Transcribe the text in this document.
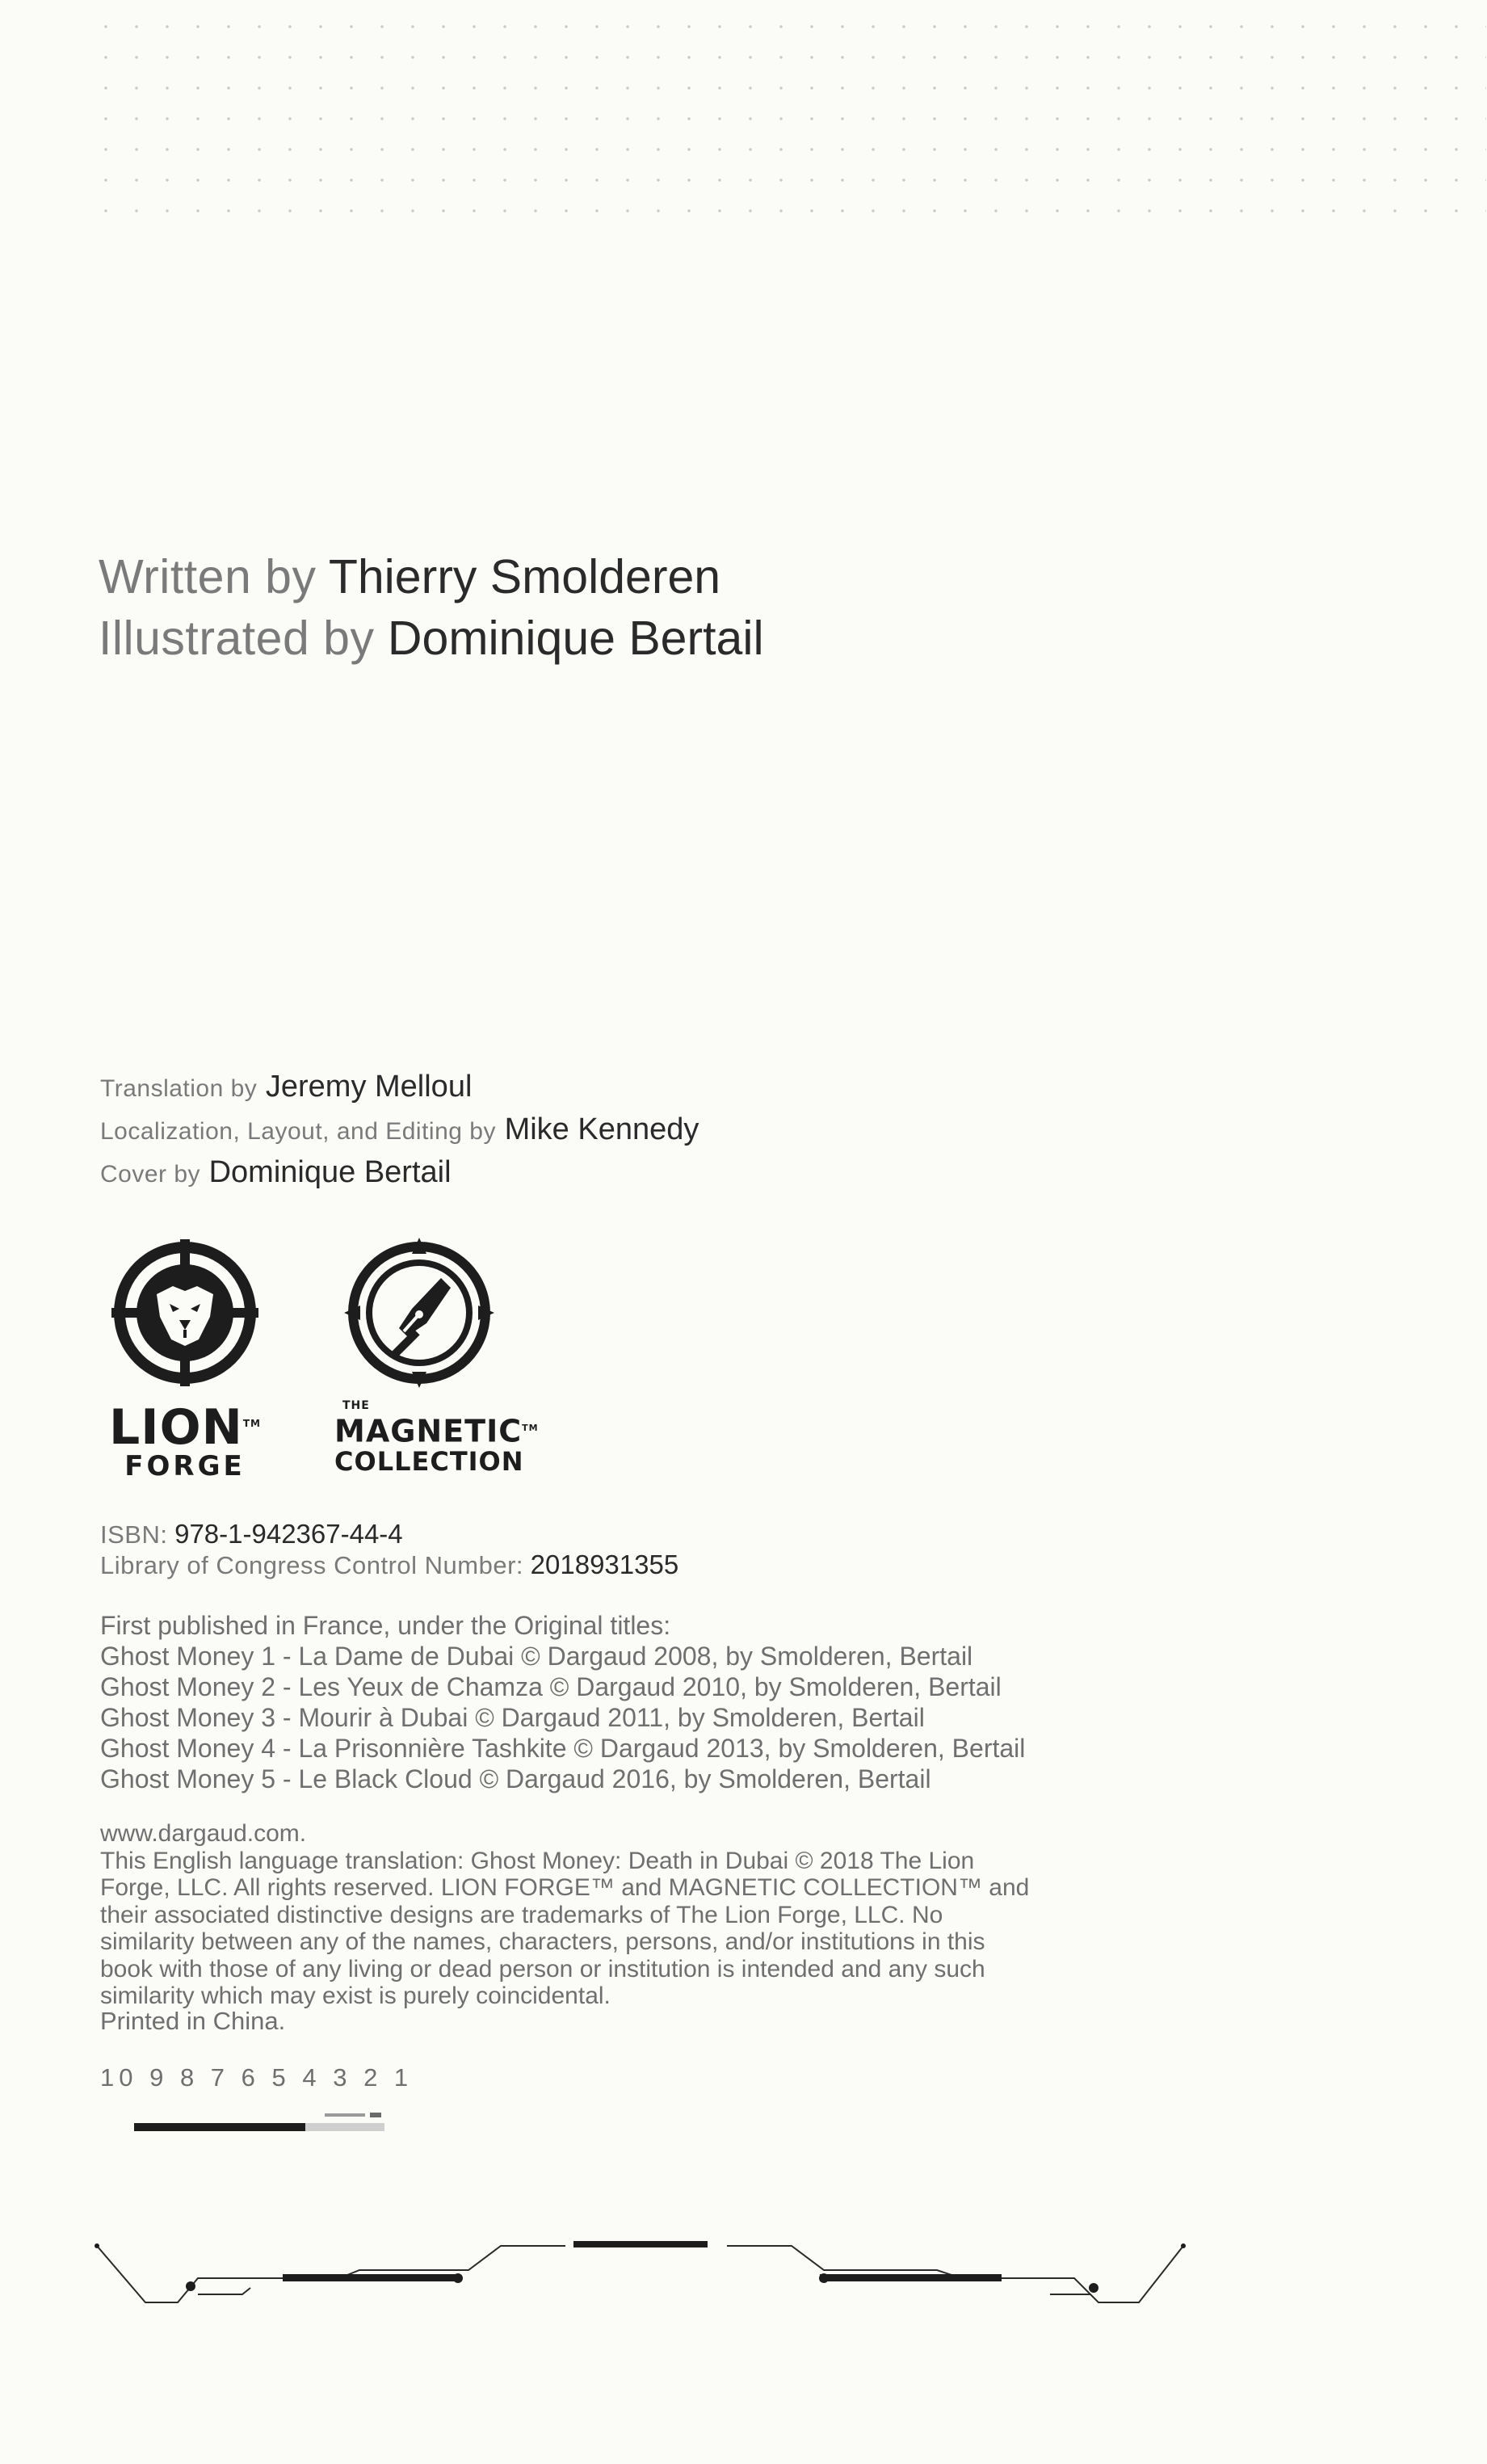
Written by Thierry Smolderen
Illustrated by Dominique Bertail
Translation by Jeremy Melloul
Localization, Layout, and Editing by Mike Kennedy
Cover by Dominique Bertail
LION™
FORGE
THE
MAGNETIC™
COLLECTION
ISBN: 978-1-942367-44-4
Library of Congress Control Number: 2018931355
First published in France, under the Original titles:
Ghost Money 1 - La Dame de Dubai © Dargaud 2008, by Smolderen, Bertail
Ghost Money 2 - Les Yeux de Chamza © Dargaud 2010, by Smolderen, Bertail
Ghost Money 3 - Mourir à Dubai © Dargaud 2011, by Smolderen, Bertail
Ghost Money 4 - La Prisonnière Tashkite © Dargaud 2013, by Smolderen, Bertail
Ghost Money 5 - Le Black Cloud © Dargaud 2016, by Smolderen, Bertail
www.dargaud.com.
This English language translation: Ghost Money: Death in Dubai © 2018 The Lion
Forge, LLC. All rights reserved. LION FORGE™ and MAGNETIC COLLECTION™ and
their associated distinctive designs are trademarks of The Lion Forge, LLC. No
similarity between any of the names, characters, persons, and/or institutions in this
book with those of any living or dead person or institution is intended and any such
similarity which may exist is purely coincidental.
Printed in China.
10 9 8 7 6 5 4 3 2 1
